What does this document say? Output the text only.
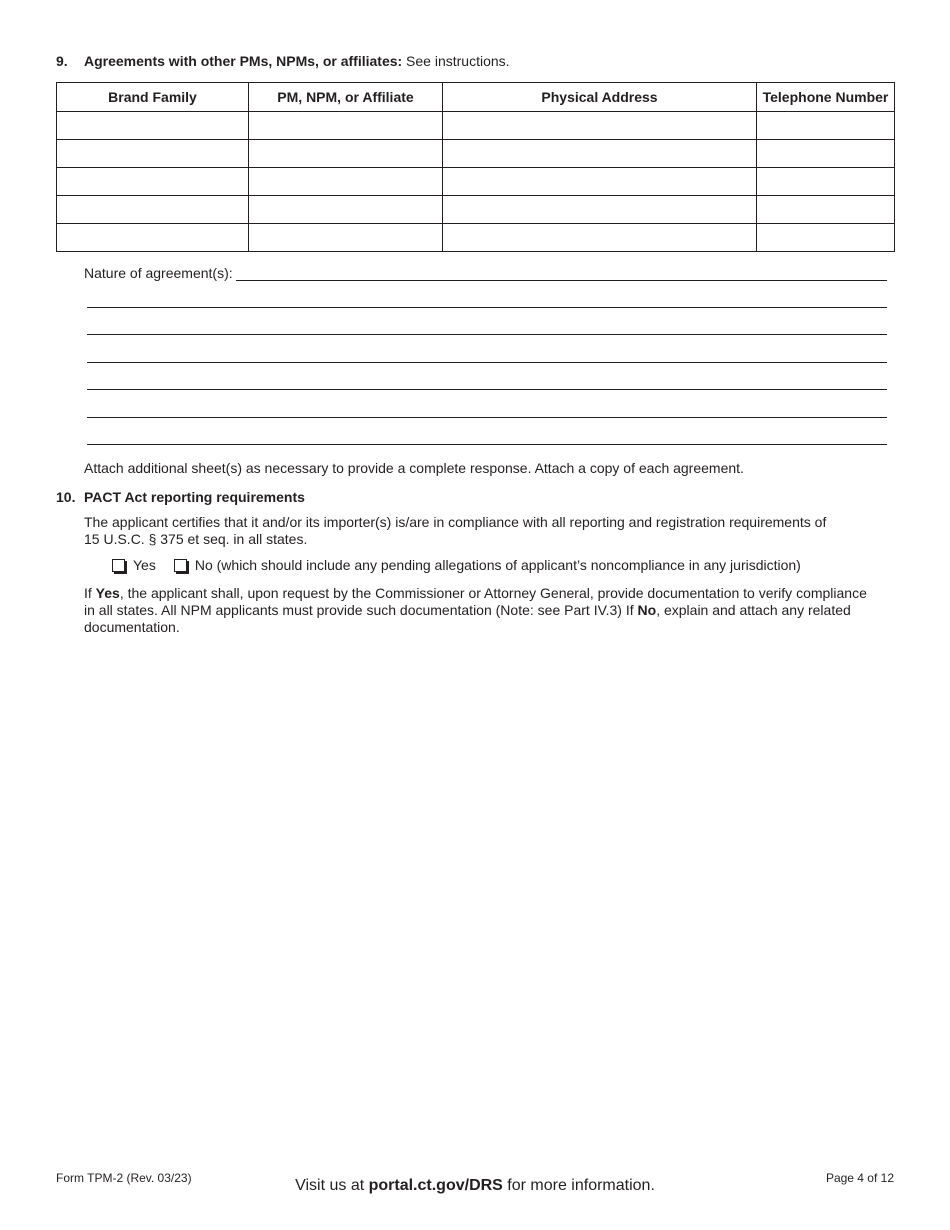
9. Agreements with other PMs, NPMs, or affiliates: See instructions.
Brand Family	PM, NPM, or Affiliate	Physical Address	Telephone Number

Nature of agreement(s):
Attach additional sheet(s) as necessary to provide a complete response. Attach a copy of each agreement.
10. PACT Act reporting requirements
The applicant certifies that it and/or its importer(s) is/are in compliance with all reporting and registration requirements of
15 U.S.C. § 375 et seq. in all states.
Yes	No (which should include any pending allegations of applicant’s noncompliance in any jurisdiction)
If Yes, the applicant shall, upon request by the Commissioner or Attorney General, provide documentation to verify compliance in all states. All NPM applicants must provide such documentation (Note: see Part IV.3) If No, explain and attach any related documentation.
Form TPM-2 (Rev. 03/23)	Visit us at portal.ct.gov/DRS for more information.	Page 4 of 12
